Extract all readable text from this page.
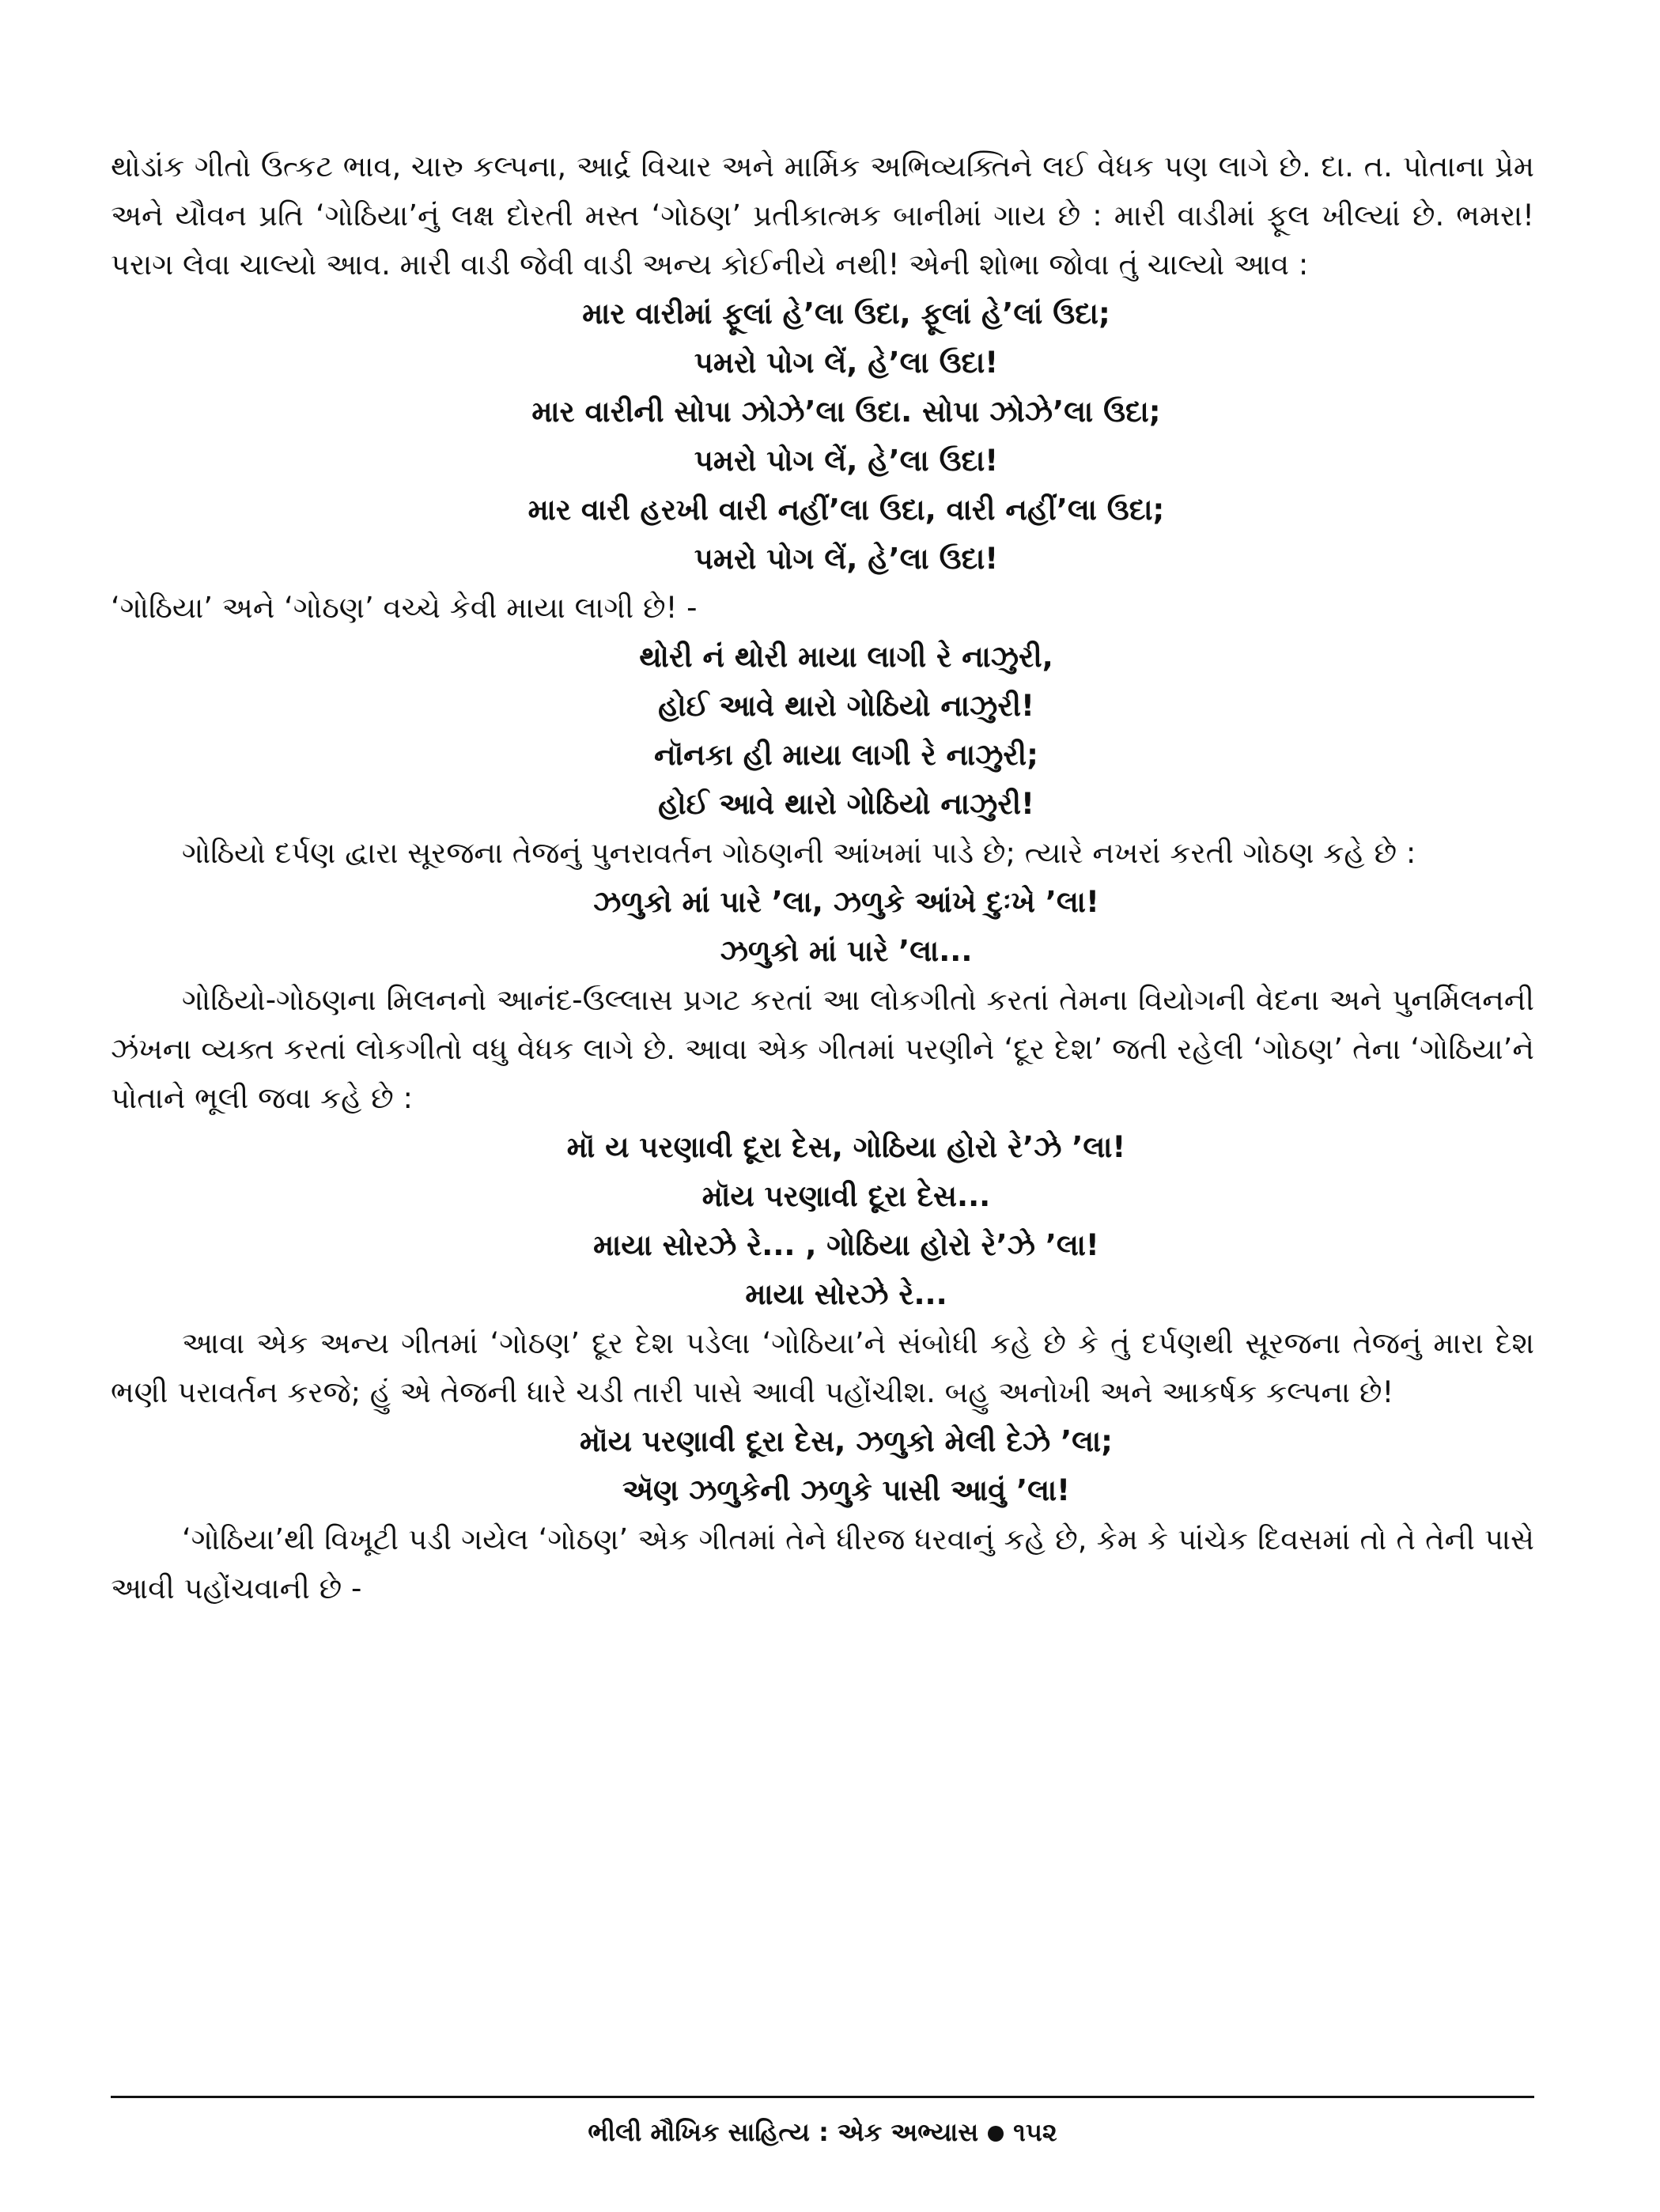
થોડાંક ગીતો ઉત્કટ ભાવ, ચારુ કલ્પના, આર્દ્ર વિચાર અને માર્મિક અભિવ્યક્તિને લઈ વેધક પણ લાગે છે. દા. ત. પોતાના પ્રેમ અને યૌવન પ્રતિ ‘ગોઠિયા’નું લક્ષ દોરતી મસ્ત ‘ગોઠણ’ પ્રતીકાત્મક બાનીમાં ગાય છે : મારી વાડીમાં ફૂલ ખીલ્યાં છે. ભમરા! પરાગ લેવા ચાલ્યો આવ. મારી વાડી જેવી વાડી અન્ય કોઈનીયે નથી! એની શોભા જોવા તું ચાલ્યો આવ :

માર વારીમાં ફૂલાં હે’લા ઉદા, ફૂલાં હે’લાં ઉદા;

પમરો પોગ લેં, હે’લા ઉદા!

માર વારીની સોપા ઝોઝે’લા ઉદા. સોપા ઝોઝે’લા ઉદા;

પમરો પોગ લેં, હે’લા ઉદા!

માર વારી હરખી વારી નહીં’લા ઉદા, વારી નહીં’લા ઉદા;

પમરો પોગ લેં, હે’લા ઉદા!

‘ગોઠિયા’ અને ‘ગોઠણ’ વચ્ચે કેવી માયા લાગી છે! -

થોરી નં થોરી માયા લાગી રે નાઝુરી,

હોઈ આવે થારો ગોઠિયો નાઝુરી!

નૉનકા હી માયા લાગી રે નાઝુરી;

હોઈ આવે થારો ગોઠિયો નાઝુરી!

ગોઠિયો દર્પણ દ્વારા સૂરજના તેજનું પુનરાવર્તન ગોઠણની આંખમાં પાડે છે; ત્યારે નખરાં કરતી ગોઠણ કહે છે :

ઝળુકો માં પારે ’લા, ઝળુકે આંખે દુઃખે ’લા!

ઝળુકો માં પારે ’લા...

ગોઠિયો-ગોઠણના મિલનનો આનંદ-ઉલ્લાસ પ્રગટ કરતાં આ લોકગીતો કરતાં તેમના વિયોગની વેદના અને પુનર્મિલનની ઝંખના વ્યક્ત કરતાં લોકગીતો વધુ વેધક લાગે છે. આવા એક ગીતમાં પરણીને ‘દૂર દેશ’ જતી રહેલી ‘ગોઠણ’ તેના ‘ગોઠિયા’ને પોતાને ભૂલી જવા કહે છે :

મૉ ય પરણાવી દૂરા દેસ, ગોઠિયા હોરો રે’ઝે ’લા!

મૉય પરણાવી દૂરા દેસ...

માયા સોરઝે રે... , ગોઠિયા હોરો રે’ઝે ’લા!

માયા સોરઝે રે...

આવા એક અન્ય ગીતમાં ‘ગોઠણ’ દૂર દેશ પડેલા ‘ગોઠિયા’ને સંબોધી કહે છે કે તું દર્પણથી સૂરજના તેજનું મારા દેશ ભણી પરાવર્તન કરજે; હું એ તેજની ધારે ચડી તારી પાસે આવી પહોંચીશ. બહુ અનોખી અને આકર્ષક કલ્પના છે!

મૉય પરણાવી દૂરા દેસ, ઝળુકો મેલી દેઝે ’લા;

ઍણ ઝળુકેની ઝળુકે પાસી આવું ’લા!

‘ગોઠિયા’થી વિખૂટી પડી ગયેલ ‘ગોઠણ’ એક ગીતમાં તેને ધીરજ ધરવાનું કહે છે, કેમ કે પાંચેક દિવસમાં તો તે તેની પાસે આવી પહોંચવાની છે -

ભીલી મૌખિક સાહિત્ય : એક અભ્યાસ ૧૫૨
